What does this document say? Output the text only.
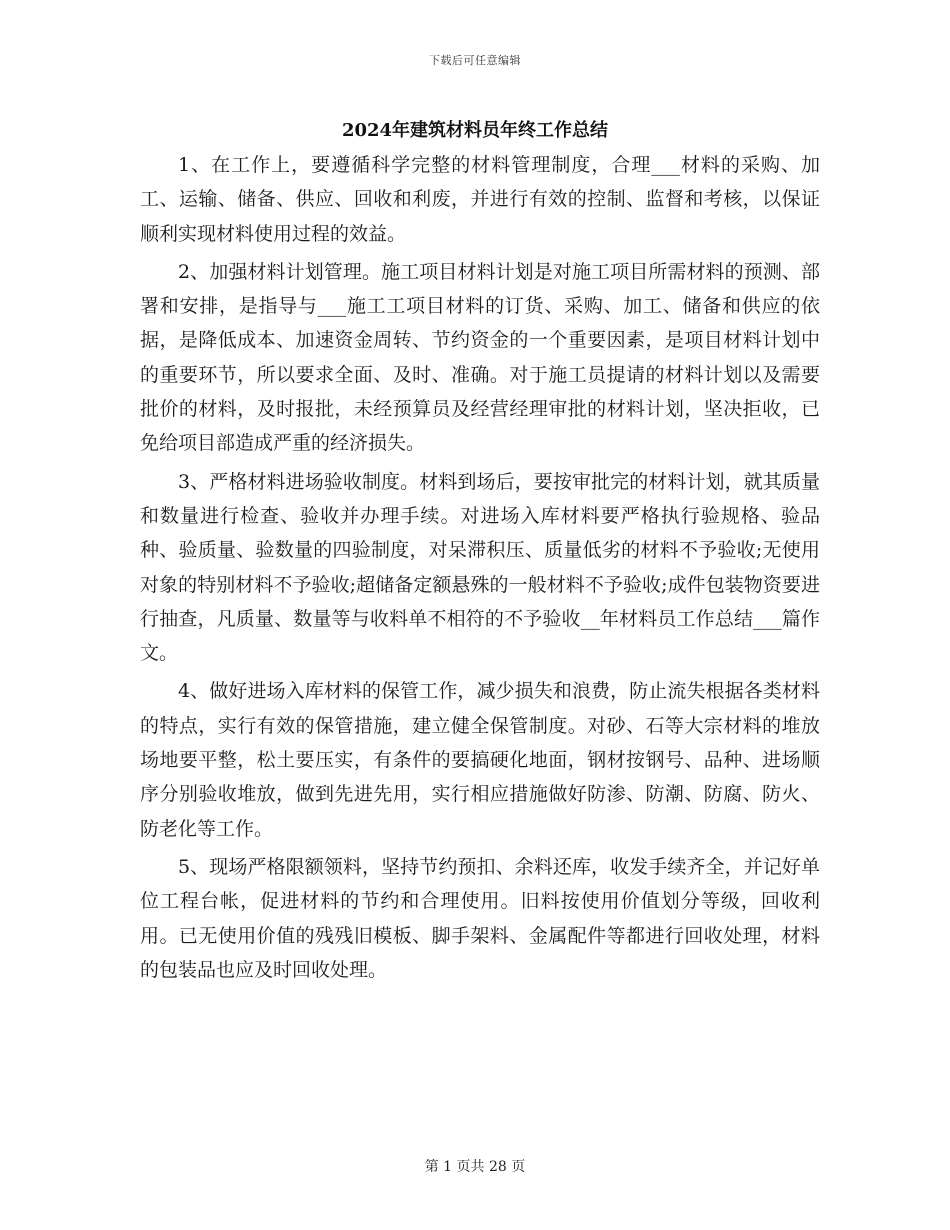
下载后可任意编辑
2024年建筑材料员年终工作总结

1、在工作上，要遵循科学完整的材料管理制度，合理___材料的采购、加工、运输、储备、供应、回收和利废，并进行有效的控制、监督和考核，以保证顺利实现材料使用过程的效益。

2、加强材料计划管理。施工项目材料计划是对施工项目所需材料的预测、部署和安排，是指导与___施工工项目材料的订货、采购、加工、储备和供应的依据，是降低成本、加速资金周转、节约资金的一个重要因素，是项目材料计划中的重要环节，所以要求全面、及时、准确。对于施工员提请的材料计划以及需要批价的材料，及时报批，未经预算员及经营经理审批的材料计划，坚决拒收，已免给项目部造成严重的经济损失。

3、严格材料进场验收制度。材料到场后，要按审批完的材料计划，就其质量和数量进行检查、验收并办理手续。对进场入库材料要严格执行验规格、验品种、验质量、验数量的四验制度，对呆滞积压、质量低劣的材料不予验收;无使用对象的特别材料不予验收;超储备定额悬殊的一般材料不予验收;成件包装物资要进行抽查，凡质量、数量等与收料单不相符的不予验收__年材料员工作总结___篇作文。

4、做好进场入库材料的保管工作，减少损失和浪费，防止流失根据各类材料的特点，实行有效的保管措施，建立健全保管制度。对砂、石等大宗材料的堆放场地要平整，松土要压实，有条件的要搞硬化地面，钢材按钢号、品种、进场顺序分别验收堆放，做到先进先用，实行相应措施做好防渗、防潮、防腐、防火、防老化等工作。

5、现场严格限额领料，坚持节约预扣、余料还库，收发手续齐全，并记好单位工程台帐，促进材料的节约和合理使用。旧料按使用价值划分等级，回收利用。已无使用价值的残残旧模板、脚手架料、金属配件等都进行回收处理，材料的包装品也应及时回收处理。

第 1 页共 28 页
